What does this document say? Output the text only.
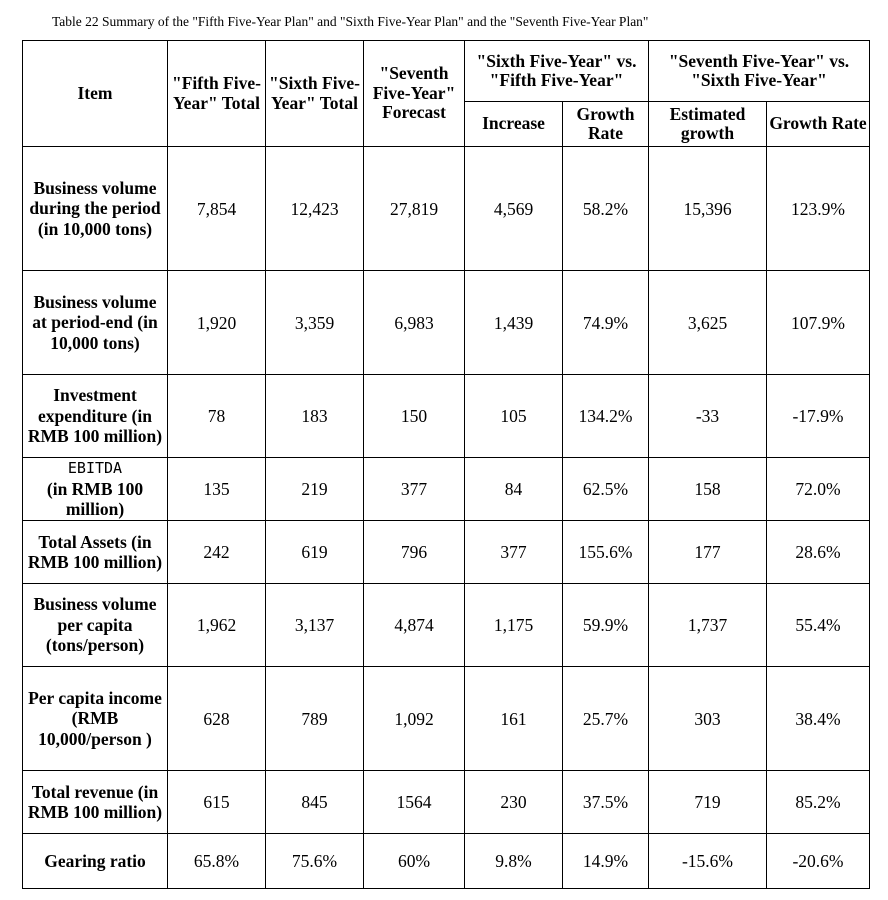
Table 22 Summary of the "Fifth Five-Year Plan" and "Sixth Five-Year Plan" and the "Seventh Five-Year Plan"
Item	"Fifth Five-Year" Total	"Sixth Five-Year" Total	"Seventh Five-Year" Forecast	"Sixth Five-Year" vs. "Fifth Five-Year"		"Seventh Five-Year" vs. "Sixth Five-Year"	
				Increase	Growth Rate	Estimated growth	Growth Rate
Business volume during the period (in 10,000 tons)	7,854	12,423	27,819	4,569	58.2%	15,396	123.9%
Business volume at period-end (in 10,000 tons)	1,920	3,359	6,983	1,439	74.9%	3,625	107.9%
Investment expenditure (in RMB 100 million)	78	183	150	105	134.2%	-33	-17.9%

EBITDA
(in RMB 100 million)	135	219	377	84	62.5%	158	72.0%
Total Assets (in RMB 100 million)	242	619	796	377	155.6%	177	28.6%
Business volume per capita (tons/person)	1,962	3,137	4,874	1,175	59.9%	1,737	55.4%
Per capita income (RMB 10,000/person )	628	789	1,092	161	25.7%	303	38.4%
Total revenue (in RMB 100 million)	615	845	1564	230	37.5%	719	85.2%
Gearing ratio	65.8%	75.6%	60%	9.8%	14.9%	-15.6%	-20.6%
